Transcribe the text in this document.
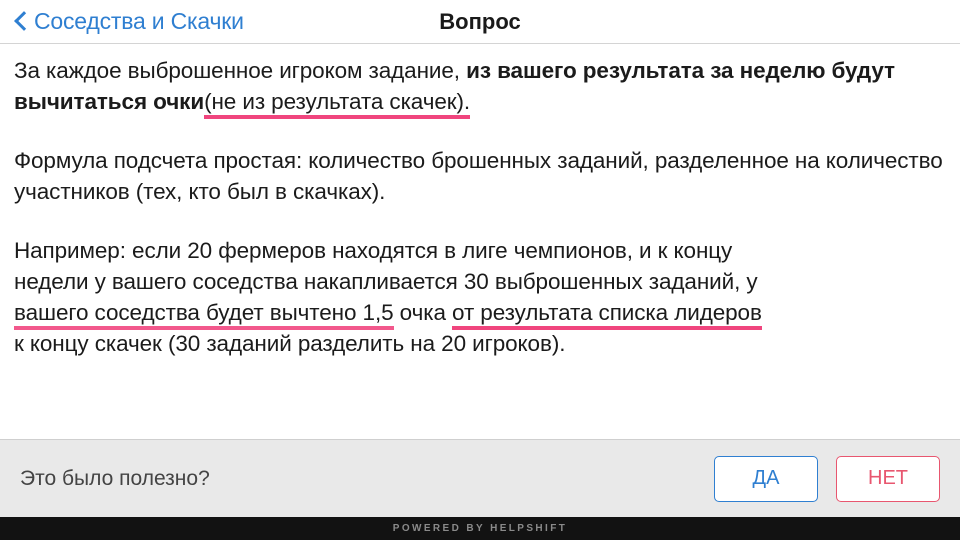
Соседства и Скачки	Вопрос

За каждое выброшенное игроком задание, из вашего результата за неделю будут вычитаться очки(не из результата скачек).

Формула подсчета простая: количество брошенных заданий, разделенное на количество участников (тех, кто был в скачках).

Например: если 20 фермеров находятся в лиге чемпионов, и к концу
недели у вашего соседства накапливается 30 выброшенных заданий, у
вашего соседства будет вычтено 1,5 очка от результата списка лидеров
к концу скачек (30 заданий разделить на 20 игроков).

Это было полезно?	ДА	НЕТ
POWERED BY HELPSHIFT
